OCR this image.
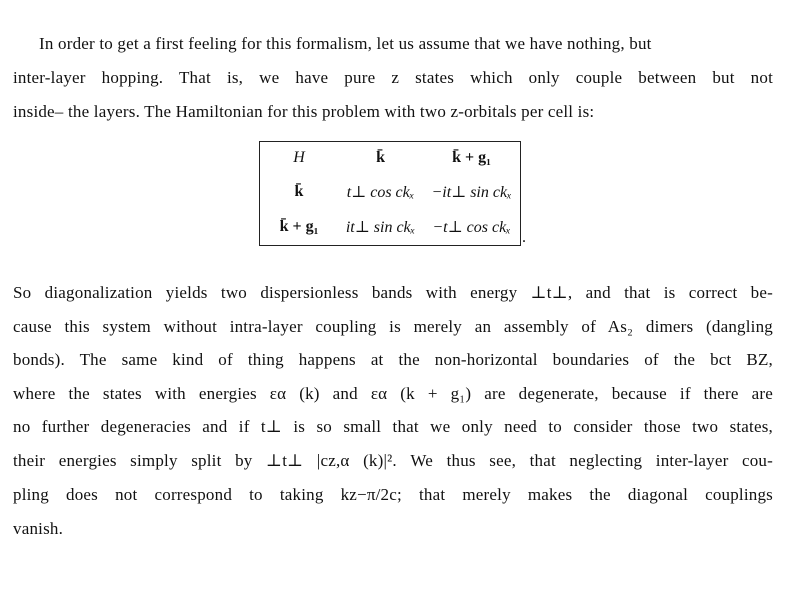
In order to get a first feeling for this formalism, let us assume that we have nothing, but
inter-layer hopping. That is, we have pure z states which only couple between but not
inside– the layers. The Hamiltonian for this problem with two z-orbitals per cell is:
H	k̄	k̄ + g₁
k̄	t⊥ cos ckₓ	−it⊥ sin ckₓ
k̄ + g₁	it⊥ sin ckₓ	−t⊥ cos ckₓ
.
So diagonalization yields two dispersionless bands with energy ⊥t⊥, and that is correct be-
cause this system without intra-layer coupling is merely an assembly of As₂ dimers (dangling
bonds). The same kind of thing happens at the non-horizontal boundaries of the bct BZ,
where the states with energies εα (k) and εα (k + g₁) are degenerate, because if there are
no further degeneracies and if t⊥ is so small that we only need to consider those two states,
their energies simply split by ⊥t⊥ |cz,α (k)|². We thus see, that neglecting inter-layer cou-
pling does not correspond to taking kz−π/2c; that merely makes the diagonal couplings
vanish.
